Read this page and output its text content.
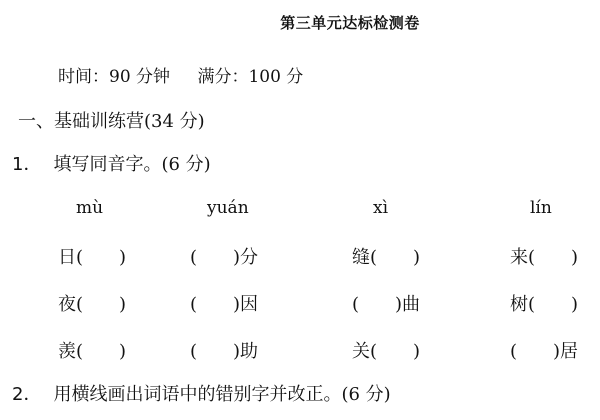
第三单元达标检测卷
时间：90 分钟 满分：100 分
一、基础训练营(34 分)
1． 填写同音字。(6 分)
mù	yuán	xì	lín
日(　　)	(　　)分	缝(　　)	来(　　)
夜(　　)	(　　)因	(　　)曲	树(　　)
羡(　　)	(　　)助	关(　　)	(　　)居
2． 用横线画出词语中的错别字并改正。(6 分)
